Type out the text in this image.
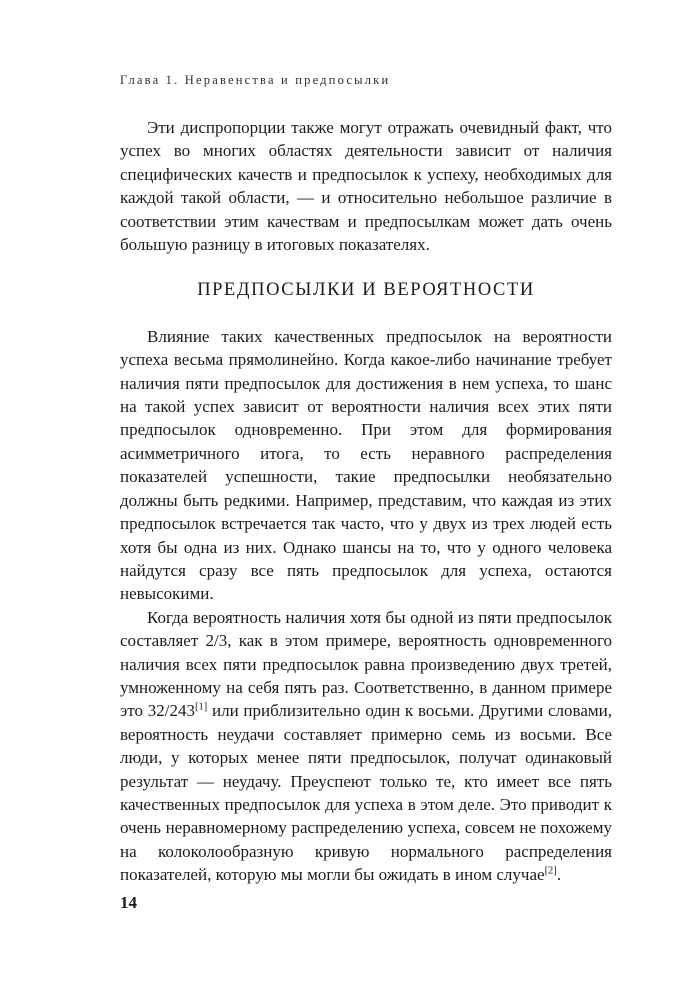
Глава 1. Неравенства и предпосылки

Эти диспропорции также могут отражать очевидный факт, что успех во многих областях деятельности зависит от наличия специфических качеств и предпосылок к успеху, необходимых для каждой такой области, — и относительно небольшое различие в соответствии этим качествам и предпосылкам может дать очень большую разницу в итоговых показателях.

ПРЕДПОСЫЛКИ И ВЕРОЯТНОСТИ

Влияние таких качественных предпосылок на вероятности успеха весьма прямолинейно. Когда какое-либо начинание требует наличия пяти предпосылок для достижения в нем успеха, то шанс на такой успех зависит от вероятности наличия всех этих пяти предпосылок одновременно. При этом для формирования асимметричного итога, то есть неравного распределения показателей успешности, такие предпосылки необязательно должны быть редкими. Например, представим, что каждая из этих предпосылок встречается так часто, что у двух из трех людей есть хотя бы одна из них. Однако шансы на то, что у одного человека найдутся сразу все пять предпосылок для успеха, остаются невысокими.

Когда вероятность наличия хотя бы одной из пяти предпосылок составляет 2/3, как в этом примере, вероятность одновременного наличия всех пяти предпосылок равна произведению двух третей, умноженному на себя пять раз. Соответственно, в данном примере это 32/243[1] или приблизительно один к восьми. Другими словами, вероятность неудачи составляет примерно семь из восьми. Все люди, у которых менее пяти предпосылок, получат одинаковый результат — неудачу. Преуспеют только те, кто имеет все пять качественных предпосылок для успеха в этом деле. Это приводит к очень неравномерному распределению успеха, совсем не похожему на колоколообразную кривую нормального распределения показателей, которую мы могли бы ожидать в ином случае[2].

14
